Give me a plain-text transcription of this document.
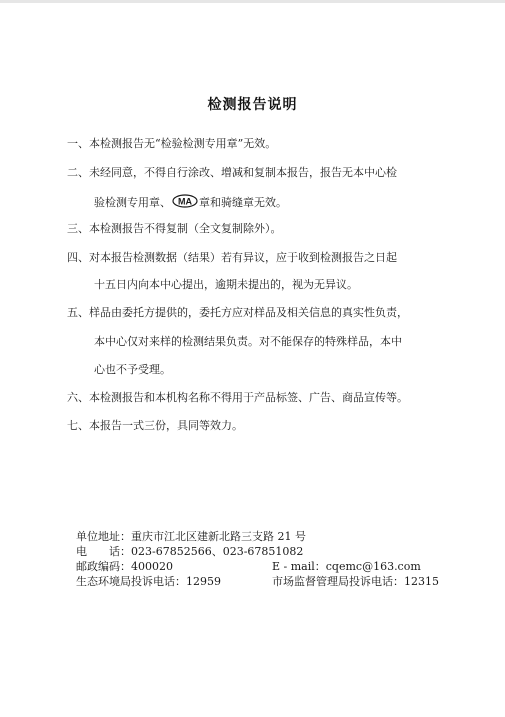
检测报告说明
一、本检测报告无“检验检测专用章”无效。
二、未经同意，不得自行涂改、增减和复制本报告，报告无本中心检
验检测专用章、 MA 章和骑缝章无效。
三、本检测报告不得复制（全文复制除外）。
四、对本报告检测数据（结果）若有异议，应于收到检测报告之日起
十五日内向本中心提出，逾期未提出的，视为无异议。
五、样品由委托方提供的，委托方应对样品及相关信息的真实性负责，
本中心仅对来样的检测结果负责。对不能保存的特殊样品，本中
心也不予受理。
六、本检测报告和本机构名称不得用于产品标签、广告、商品宣传等。
七、本报告一式三份，具同等效力。
单位地址：重庆市江北区建新北路三支路 21 号
电　　话：023-67852566、023-67851082
邮政编码：400020	E - mail：cqemc@163.com
生态环境局投诉电话：12959	市场监督管理局投诉电话：12315
